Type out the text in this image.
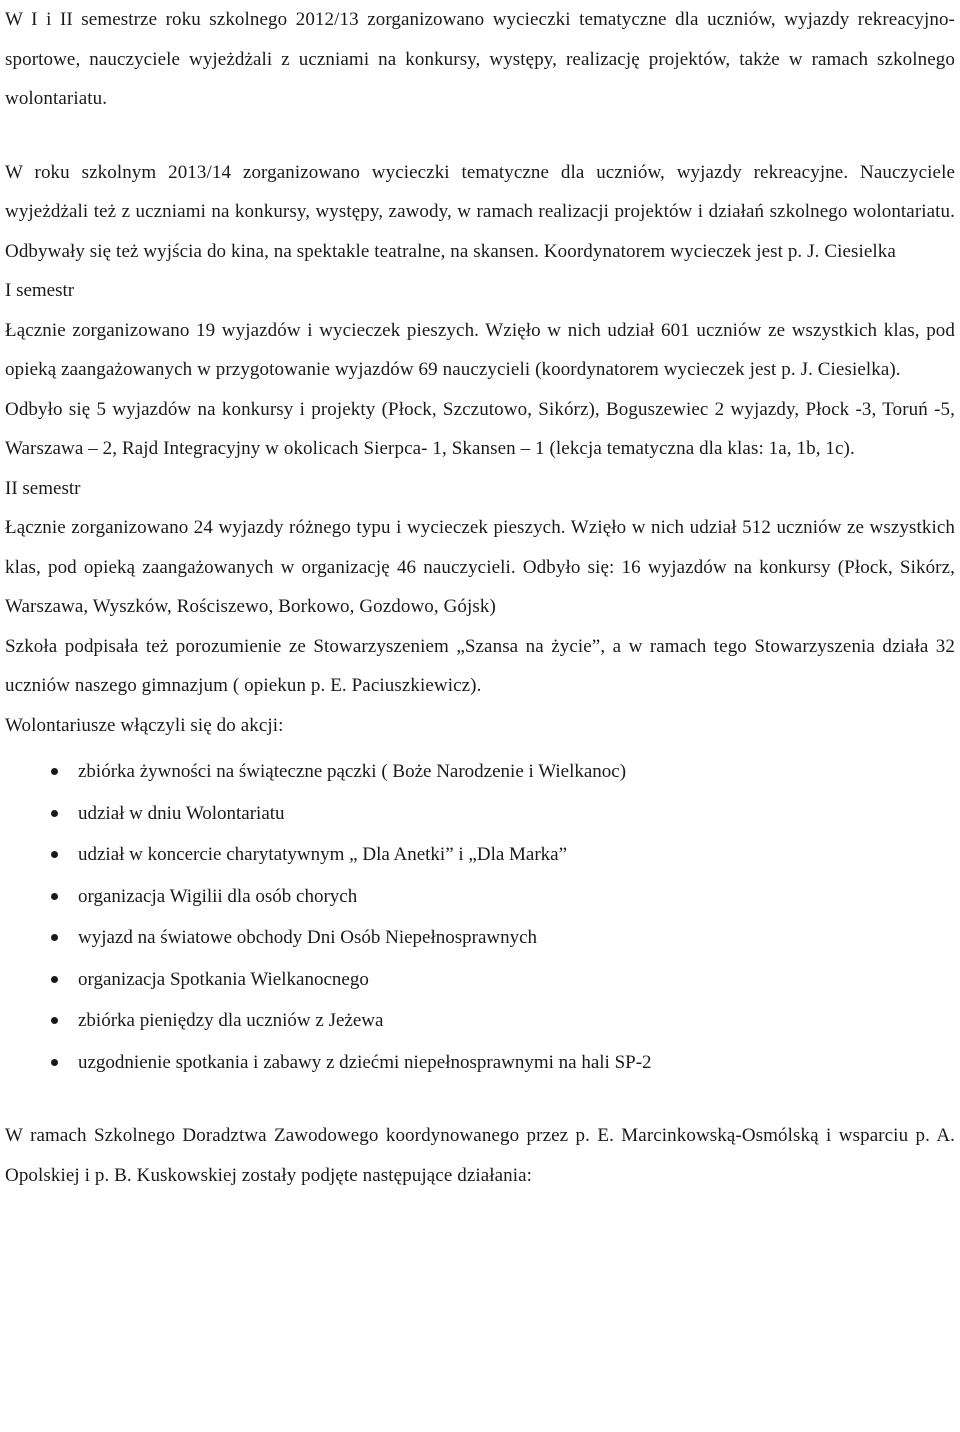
W I i II semestrze roku szkolnego 2012/13 zorganizowano wycieczki tematyczne dla uczniów, wyjazdy rekreacyjno- sportowe, nauczyciele wyjeżdżali z uczniami na konkursy, występy, realizację projektów, także w ramach szkolnego wolontariatu.

W roku szkolnym 2013/14 zorganizowano wycieczki tematyczne dla uczniów, wyjazdy rekreacyjne. Nauczyciele wyjeżdżali też z uczniami na konkursy, występy, zawody, w ramach realizacji projektów i działań szkolnego wolontariatu. Odbywały się też wyjścia do kina, na spektakle teatralne, na skansen. Koordynatorem wycieczek jest p. J. Ciesielka

I semestr

Łącznie zorganizowano 19 wyjazdów i wycieczek pieszych. Wzięło w nich udział 601 uczniów ze wszystkich klas, pod opieką zaangażowanych w przygotowanie wyjazdów 69 nauczycieli (koordynatorem wycieczek jest p. J. Ciesielka).

Odbyło się 5 wyjazdów na konkursy i projekty (Płock, Szczutowo, Sikórz), Boguszewiec 2 wyjazdy, Płock -3, Toruń -5, Warszawa – 2, Rajd Integracyjny w okolicach Sierpca- 1, Skansen – 1 (lekcja tematyczna dla klas: 1a, 1b, 1c).

II semestr

Łącznie zorganizowano 24 wyjazdy różnego typu i wycieczek pieszych. Wzięło w nich udział 512 uczniów ze wszystkich klas, pod opieką zaangażowanych w organizację 46 nauczycieli. Odbyło się: 16 wyjazdów na konkursy (Płock, Sikórz, Warszawa, Wyszków, Rościszewo, Borkowo, Gozdowo, Gójsk)

Szkoła podpisała też porozumienie ze Stowarzyszeniem „Szansa na życie”, a w ramach tego Stowarzyszenia działa 32 uczniów naszego gimnazjum ( opiekun p. E. Paciuszkiewicz).

Wolontariusze włączyli się do akcji:

zbiórka żywności na świąteczne pączki ( Boże Narodzenie i Wielkanoc)
udział w dniu Wolontariatu
udział w koncercie charytatywnym „ Dla Anetki” i „Dla Marka”
organizacja Wigilii dla osób chorych
wyjazd na światowe obchody Dni Osób Niepełnosprawnych
organizacja Spotkania Wielkanocnego
zbiórka pieniędzy dla uczniów z Jeżewa
uzgodnienie spotkania i zabawy z dziećmi niepełnosprawnymi na hali SP-2

W ramach Szkolnego Doradztwa Zawodowego koordynowanego przez p. E. Marcinkowską-Osmólską i wsparciu p. A. Opolskiej i p. B. Kuskowskiej zostały podjęte następujące działania:
